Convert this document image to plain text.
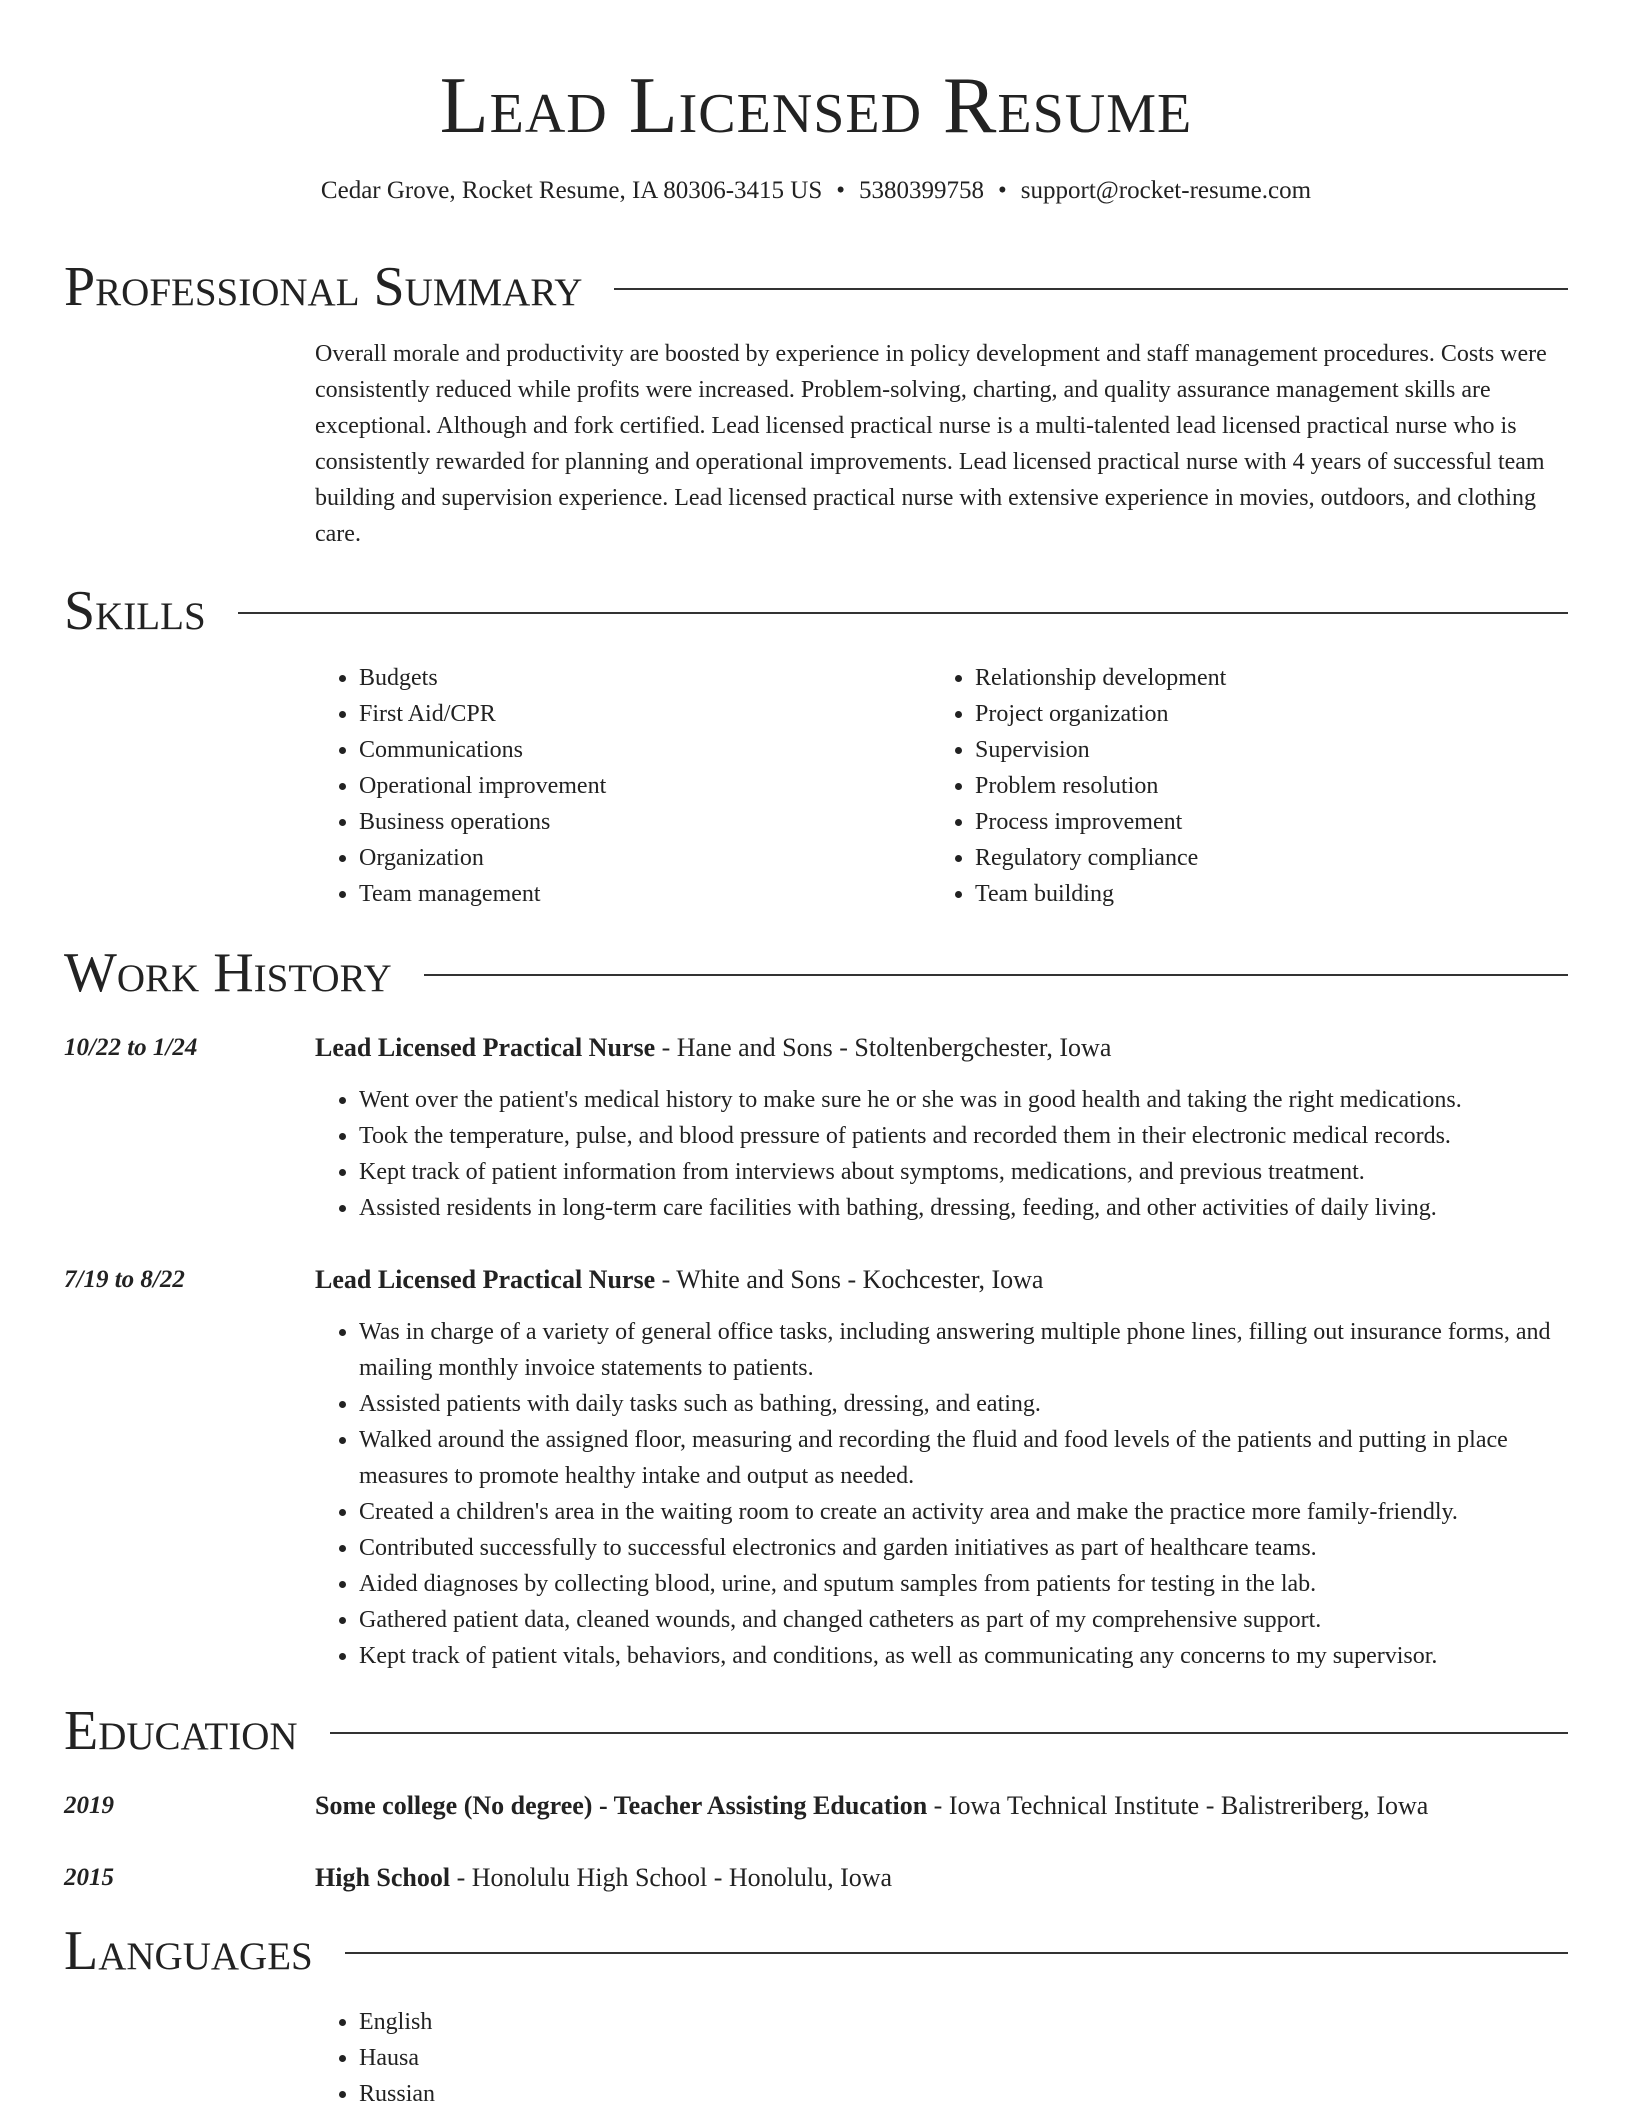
Lead Licensed Resume
Cedar Grove, Rocket Resume, IA 80306-3415 US • 5380399758 • support@rocket-resume.com
Professional Summary
Overall morale and productivity are boosted by experience in policy development and staff management procedures. Costs were consistently reduced while profits were increased. Problem-solving, charting, and quality assurance management skills are exceptional. Although and fork certified. Lead licensed practical nurse is a multi-talented lead licensed practical nurse who is consistently rewarded for planning and operational improvements. Lead licensed practical nurse with 4 years of successful team building and supervision experience. Lead licensed practical nurse with extensive experience in movies, outdoors, and clothing care.
Skills
• Budgets
• First Aid/CPR
• Communications
• Operational improvement
• Business operations
• Organization
• Team management
• Relationship development
• Project organization
• Supervision
• Problem resolution
• Process improvement
• Regulatory compliance
• Team building
Work History
10/22 to 1/24	Lead Licensed Practical Nurse - Hane and Sons - Stoltenbergchester, Iowa
• Went over the patient's medical history to make sure he or she was in good health and taking the right medications.
• Took the temperature, pulse, and blood pressure of patients and recorded them in their electronic medical records.
• Kept track of patient information from interviews about symptoms, medications, and previous treatment.
• Assisted residents in long-term care facilities with bathing, dressing, feeding, and other activities of daily living.
7/19 to 8/22	Lead Licensed Practical Nurse - White and Sons - Kochcester, Iowa
• Was in charge of a variety of general office tasks, including answering multiple phone lines, filling out insurance forms, and mailing monthly invoice statements to patients.
• Assisted patients with daily tasks such as bathing, dressing, and eating.
• Walked around the assigned floor, measuring and recording the fluid and food levels of the patients and putting in place measures to promote healthy intake and output as needed.
• Created a children's area in the waiting room to create an activity area and make the practice more family-friendly.
• Contributed successfully to successful electronics and garden initiatives as part of healthcare teams.
• Aided diagnoses by collecting blood, urine, and sputum samples from patients for testing in the lab.
• Gathered patient data, cleaned wounds, and changed catheters as part of my comprehensive support.
• Kept track of patient vitals, behaviors, and conditions, as well as communicating any concerns to my supervisor.
Education
2019	Some college (No degree) - Teacher Assisting Education - Iowa Technical Institute - Balistreriberg, Iowa
2015	High School - Honolulu High School - Honolulu, Iowa
Languages
• English
• Hausa
• Russian
